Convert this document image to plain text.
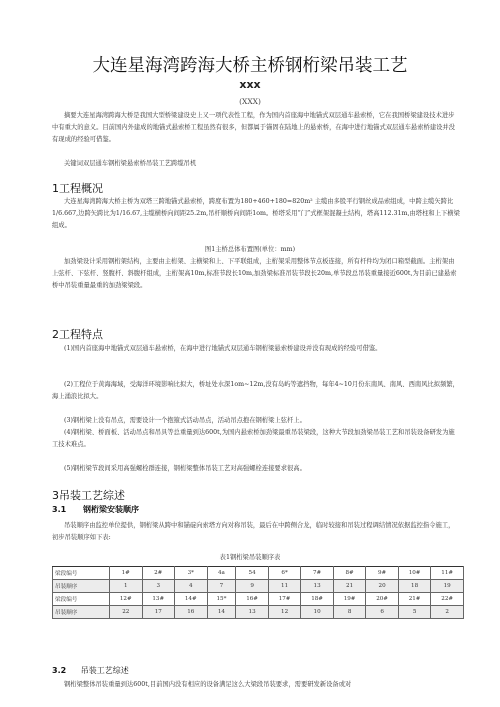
大连星海湾跨海大桥主桥钢桁梁吊装工艺
xxx
(XXX)
摘要大连星海湾跨海大桥是我国大型桥梁建设史上又一项代表性工程，作为国内首座海中地锚式双层通车悬索桥，它在我国桥梁建设技术进步中有重大的意义。目前国内外建成的地锚式悬索桥工程虽然有很多，但都属于锚固在陆地上的悬索桥，在海中进行地锚式双层通车悬索桥建设并没有现成的经验可借鉴。
关键词双层通车钢桁梁悬索桥吊装工艺跨缆吊机
1工程概况
大连星海湾跨海大桥主桥为双塔三跨地锚式悬索桥，跨度布置为180+460+180=820m² 主缆由多股平行钢丝成品索组成，中跨主缆矢跨比1/6.667,边跨矢跨比为1/16.67,主缆横桥向间距25.2m,吊杆顺桥向间距1om。桥塔采用“门”式框架混凝土结构，塔高112.31m,由塔柱和上下横梁组成。
图1主桥总体布置图(单位：mm)
加劲梁设计采用钢桁架结构，主要由主桁架、主横梁和上、下平联组成，主桁架采用整体节点板连接，所有杆件均为闭口箱型截面。主桁架由上弦杆、下弦杆、竖腹杆、斜腹杆组成，主桁架高10m,标准节段长10m,加劲梁标准吊装节段长20m,单节段总吊装重量接近600t,为目前已建悬索桥中吊装重量最重的加劲梁梁段。
2工程特点
(1)国内首座海中地锚式双层通车悬索桥，在海中进行地锚式双层通车钢桁梁悬索桥建设并没有现成的经验可借鉴。
(2)工程位于黄海海域，受海洋环境影响比拟大，桥址处水深1om~12m,没有岛屿等遮挡物，每年4~10月份东南风、南风、西南风比拟频繁，海上涌浪比拟大。
(3)钢桁梁上没有吊点，需要设计一个抱箍式活动吊点，活动吊点抱在钢桁梁上弦杆上。
(4)钢桁梁、桥面板、活动吊点和吊具等总重量到达600t,为国内悬索桥加劲梁最重吊装梁段，这种大节段加劲梁吊装工艺和吊装设备研发为施工技术难点。
(5)钢桁梁节段间采用高强螺栓群连接，钢桁梁整体吊装工艺对高强螺栓连接要求很高。
3吊装工艺综述
3.1 钢桁梁安装顺序
吊装顺序由监控单位提供，钢桁梁从跨中和锚碇向索塔方向对称吊装，最后在中跨侧合龙，临时较接和吊装过程调结情况依据监控指令施工，初步吊装顺序如下表:
表1钢桁梁吊装顺序表
梁段编号	1#	2#	3*	4a	54	6*	7#	8#	9#	10#	11#
吊装顺序	1	3	4	7	9	11	13	21	20	18	19
梁段编号	12#	13#	14#	15*	16#	17#	18#	19#	20#	21#	22#
吊装顺序	22	17	16	14	13	12	10	8	6	5	2
3.2 吊装工艺综述
钢桁梁整体吊装重量到达600t,目前国内没有相应的设备满足这么大梁段吊装要求，需要研发新设备或对
